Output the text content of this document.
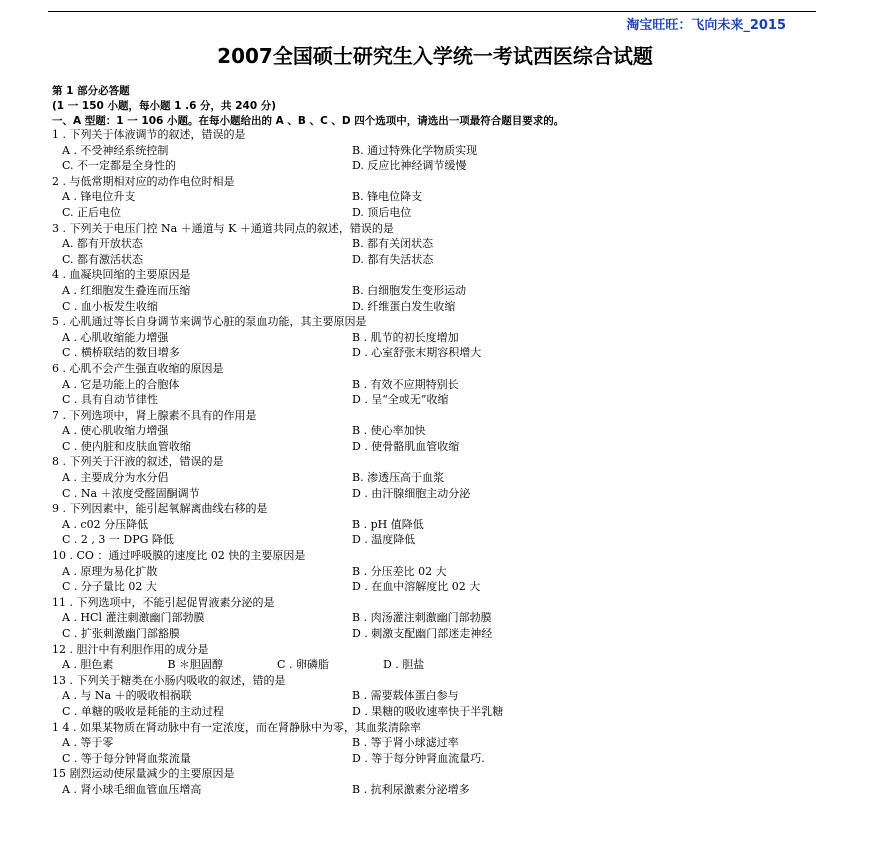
淘宝旺旺：飞向未来_2015
2007全国硕士研究生入学统一考试西医综合试题
第 1 部分必答题
(1 一 150 小题，每小题 1 .6 分，共 240 分)
一、A 型题：1 一 106 小题。在每小题给出的 A 、B 、C 、D 四个选项中，请选出一项最符合题目要求的。
1 . 下列关于体液调节的叙述，错误的是
A . 不受神经系统控制	B. 通过特殊化学物质实现
C. 不一定都是全身性的	D. 反应比神经调节缓慢
2 . 与低常期相对应的动作电位时相是
A . 锋电位升支	B. 锋电位降支
C. 正后电位	D. 顶后电位
3 . 下列关于电压门控 Na ＋通道与 K ＋通道共同点的叙述，错误的是
A. 都有开放状态	B. 都有关闭状态
C. 都有激活状态	D. 都有失活状态
4 . 血凝块回缩的主要原因是
A . 红细胞发生叠连而压缩	B. 白细胞发生变形运动
C . 血小板发生收缩	D. 纤维蛋白发生收缩
5 . 心肌通过等长自身调节来调节心脏的泵血功能，其主要原因是
A . 心肌收缩能力增强	B . 肌节的初长度增加
C . 横桥联结的数目增多	D . 心室舒张末期容积增大
6 . 心肌不会产生强直收缩的原因是
A . 它是功能上的合胞体	B . 有效不应期特别长
C . 具有自动节律性	D . 呈“全或无”收缩
7 . 下列选项中，肾上腺素不具有的作用是
A . 使心肌收缩力增强	B . 使心率加快
C . 使内脏和皮肤血管收缩	D . 使骨骼肌血管收缩
8 . 下列关于汗液的叙述，错误的是
A . 主要成分为水分侣	B. 渗透压高于血浆
C . Na ＋浓度受醛固酮调节	D . 由汗腺细胞主动分泌
9 . 下列因素中，能引起氧解离曲线右移的是
A . c02 分压降低	B . pH 值降低
C . 2 , 3 一 DPG 降低	D . 温度降低
10 . CO ：通过呼吸膜的速度比 02 快的主要原因是
A . 原理为易化扩散	B . 分压差比 02 大
C . 分子量比 02 大	D . 在血中溶解度比 02 大
11 . 下列选项中，不能引起促胃液素分泌的是
A . HCl 灌注刺激幽门部勃膜	B . 肉汤灌注刺激幽门部勃膜
C . 扩张刺激幽门部豁膜	D . 刺激支配幽门部迷走神经
12 . 胆汁中有利胆作用的成分是
A . 胆色素	B ＊胆固醇	C . 卵磷脂	D . 胆盐
13 . 下列关于糖类在小肠内吸收的叙述，错的是
A . 与 Na ＋的吸收相祸联	B . 需要载体蛋白参与
C . 单糖的吸收是耗能的主动过程	D . 果糖的吸收速率快于半乳糖
1 4 . 如果某物质在肾动脉中有一定浓度，而在肾静脉中为零，其血浆清除率
A . 等于零	B . 等于肾小球滤过率
C . 等于每分钟肾血浆流量	D . 等于每分钟肾血流量巧.
15 剧烈运动使尿量减少的主要原因是
A . 肾小球毛细血管血压增高	B . 抗利尿激素分泌增多
